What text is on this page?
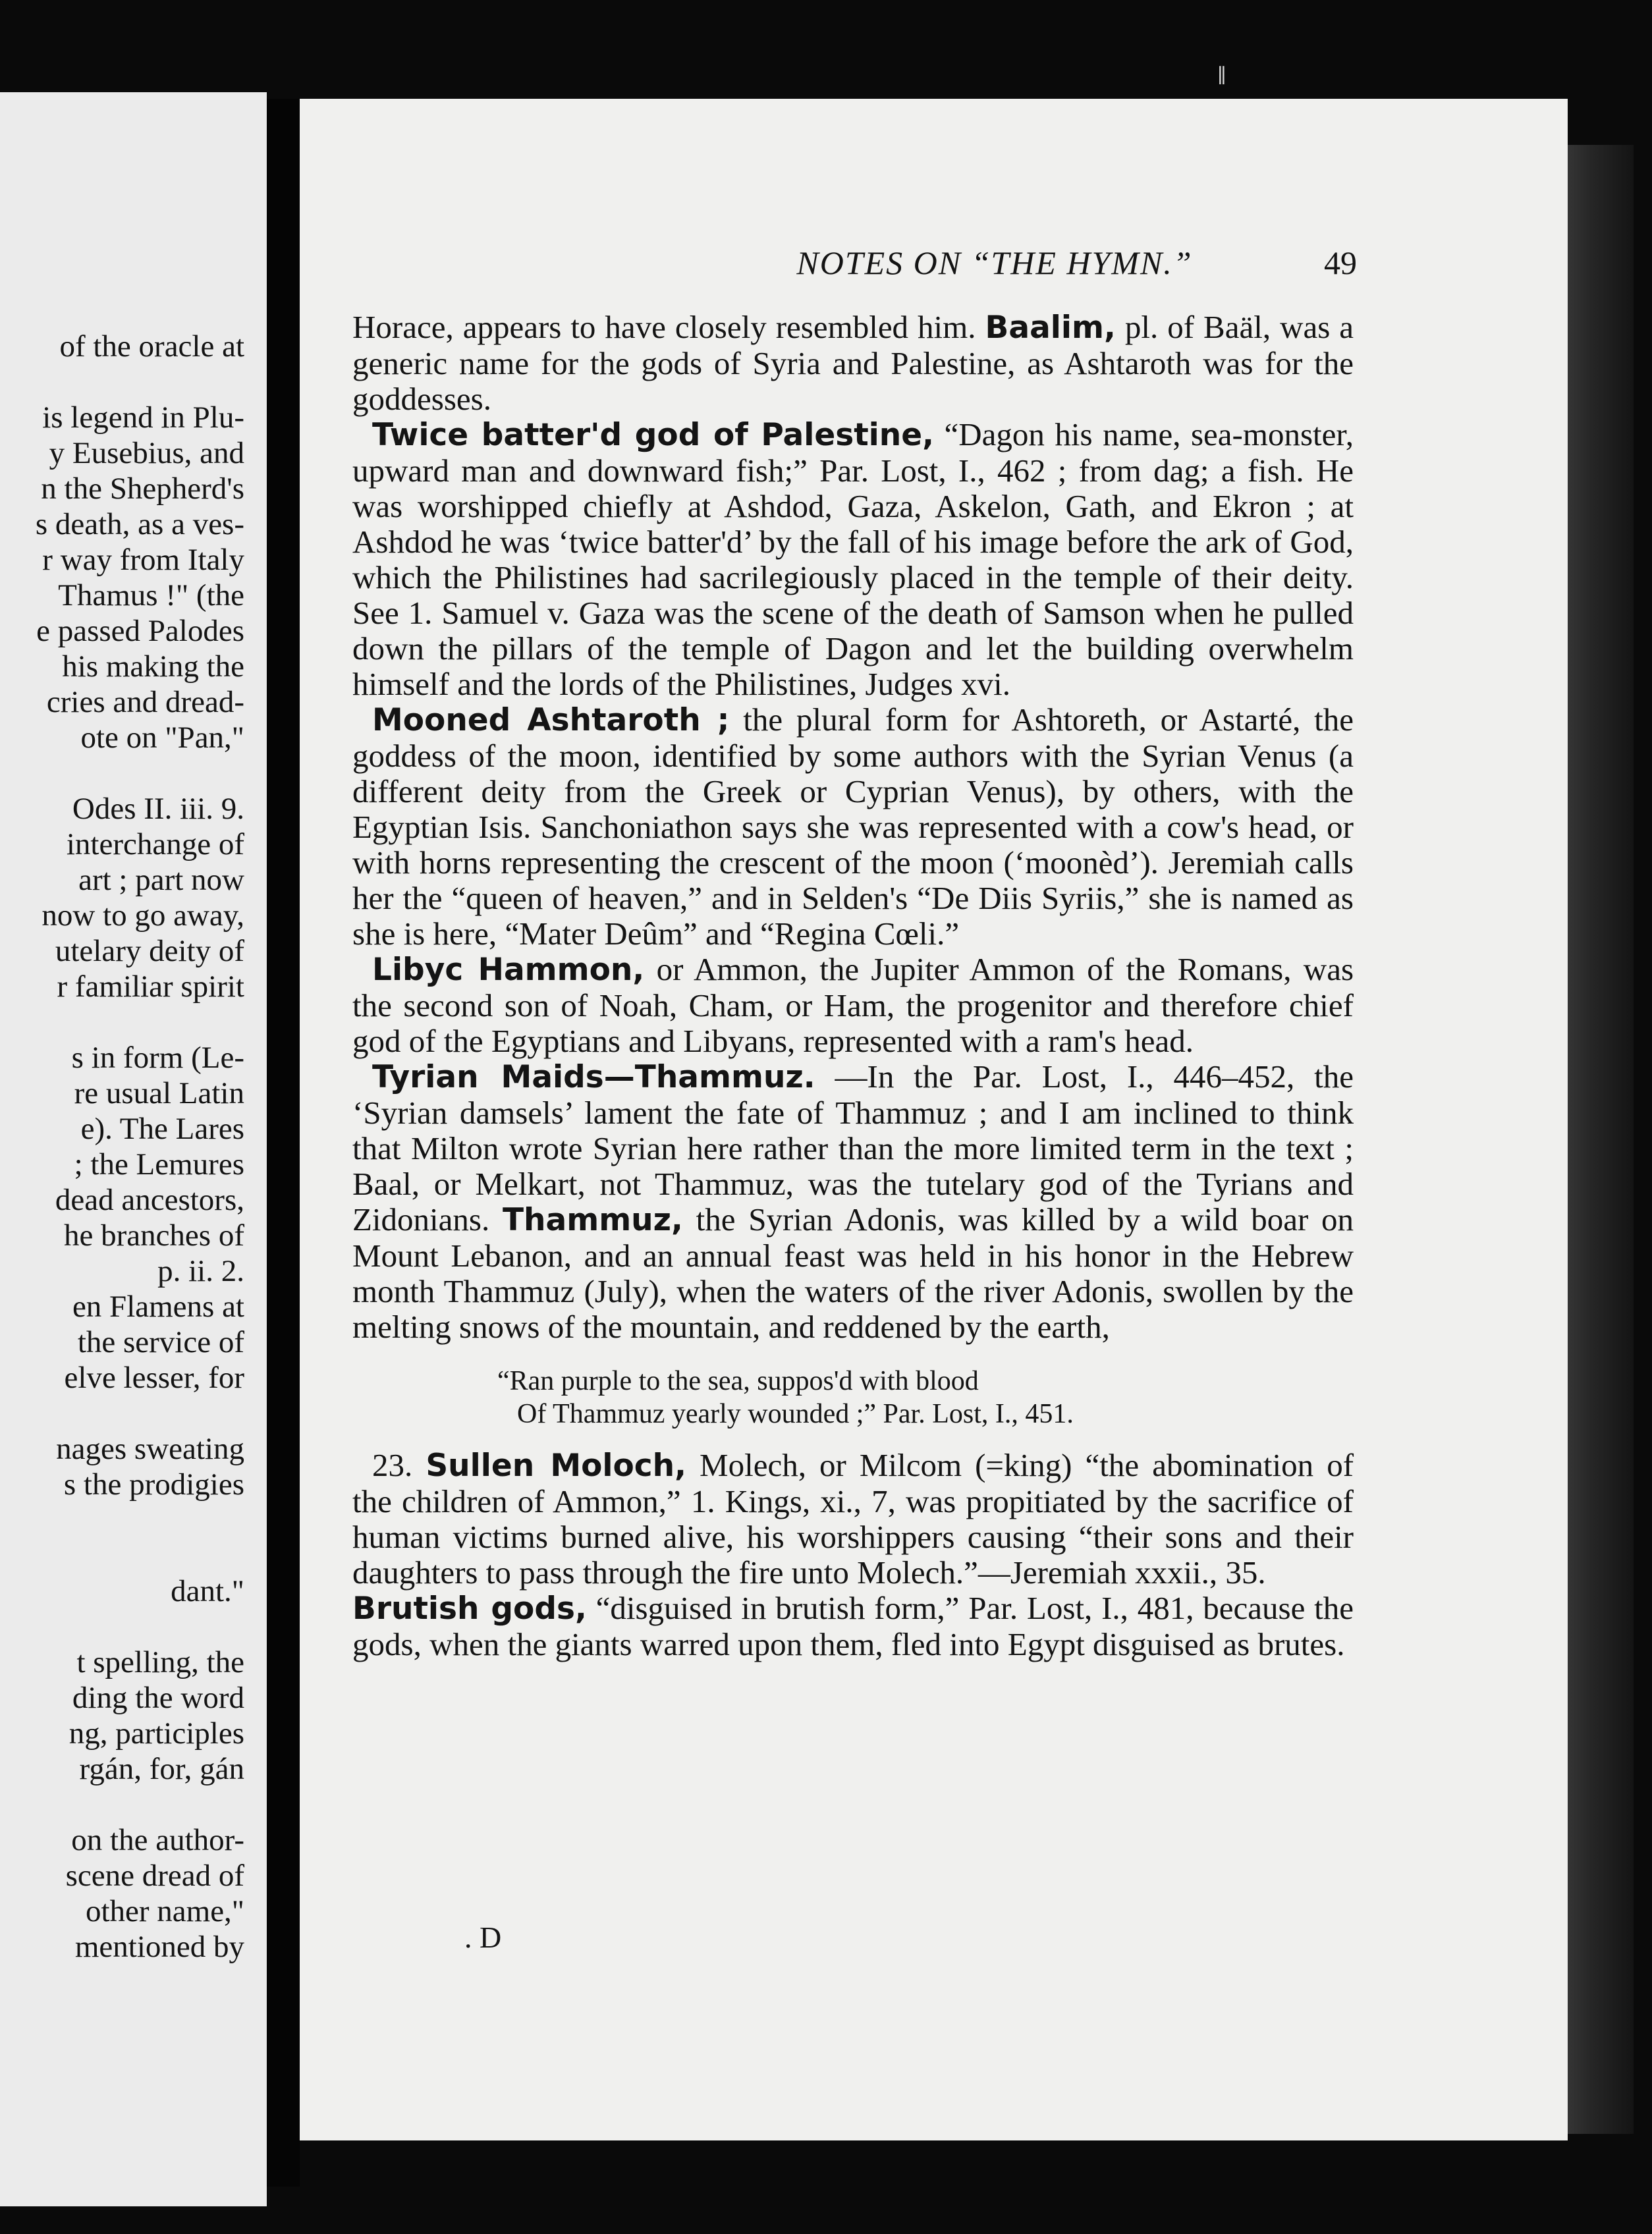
of the oracle at
is legend in Plu-
y Eusebius, and
n the Shepherd's
s death, as a ves-
r way from Italy
Thamus !" (the
e passed Palodes
his making the
cries and dread-
ote on "Pan,"
Odes II. iii. 9.
interchange of
art ; part now
now to go away,
utelary deity of
r familiar spirit
s in form (Le-
re usual Latin
e). The Lares
; the Lemures
dead ancestors,
he branches of
p. ii. 2.
en Flamens at
the service of
elve lesser, for
nages sweating
s the prodigies
dant."
t spelling, the
ding the word
ng, participles
rgán, for, gán
on the author-
scene dread of
other name,"
mentioned by
∥
NOTES ON “THE HYMN.”	49

Horace, appears to have closely resembled him. Baalim, pl. of Baäl, was a generic name for the gods of Syria and Palestine, as Ashtaroth was for the goddesses.

Twice batter'd god of Palestine, “Dagon his name, sea-monster, upward man and downward fish;” Par. Lost, I., 462 ; from dag; a fish. He was worshipped chiefly at Ashdod, Gaza, Askelon, Gath, and Ekron ; at Ashdod he was ‘twice batter'd’ by the fall of his image before the ark of God, which the Philistines had sacrilegiously placed in the temple of their deity. See 1. Samuel v. Gaza was the scene of the death of Samson when he pulled down the pillars of the temple of Dagon and let the building overwhelm himself and the lords of the Philistines, Judges xvi.

Mooned Ashtaroth ; the plural form for Ashtoreth, or Astarté, the goddess of the moon, identified by some authors with the Syrian Venus (a different deity from the Greek or Cyprian Venus), by others, with the Egyptian Isis. Sanchoniathon says she was represented with a cow's head, or with horns representing the crescent of the moon (‘moonèd’). Jeremiah calls her the “queen of heaven,” and in Selden's “De Diis Syriis,” she is named as she is here, “Mater Deûm” and “Regina Cœli.”

Libyc Hammon, or Ammon, the Jupiter Ammon of the Romans, was the second son of Noah, Cham, or Ham, the progenitor and therefore chief god of the Egyptians and Libyans, represented with a ram's head.

Tyrian Maids—Thammuz. —In the Par. Lost, I., 446–452, the ‘Syrian damsels’ lament the fate of Thammuz ; and I am inclined to think that Milton wrote Syrian here rather than the more limited term in the text ; Baal, or Melkart, not Thammuz, was the tutelary god of the Tyrians and Zidonians. Thammuz, the Syrian Adonis, was killed by a wild boar on Mount Lebanon, and an annual feast was held in his honor in the Hebrew month Thammuz (July), when the waters of the river Adonis, swollen by the melting snows of the mountain, and reddened by the earth,

“Ran purple to the sea, suppos'd with blood
Of Thammuz yearly wounded ;” Par. Lost, I., 451.

23. Sullen Moloch, Molech, or Milcom (=king) “the abomination of the children of Ammon,” 1. Kings, xi., 7, was propitiated by the sacrifice of human victims burned alive, his worshippers causing “their sons and their daughters to pass through the fire unto Molech.”—Jeremiah xxxii., 35.

Brutish gods, “disguised in brutish form,” Par. Lost, I., 481, because the gods, when the giants warred upon them, fled into Egypt disguised as brutes.

. D
